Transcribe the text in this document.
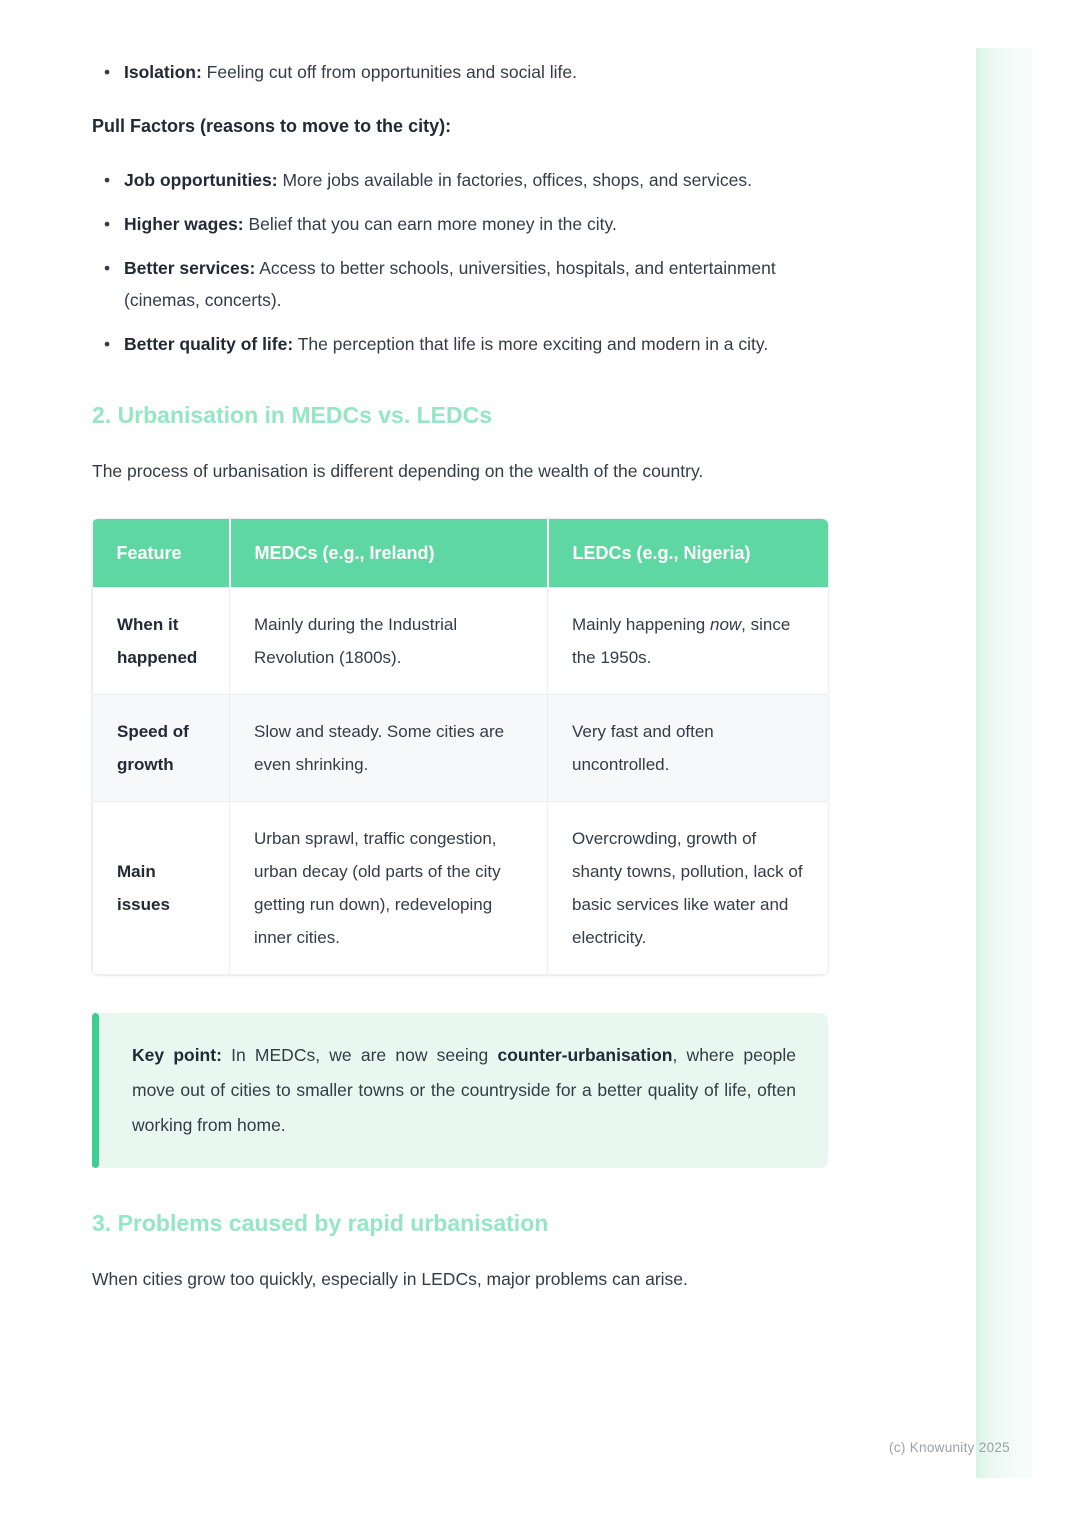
• Isolation: Feeling cut off from opportunities and social life.

Pull Factors (reasons to move to the city):

• Job opportunities: More jobs available in factories, offices, shops, and services.
• Higher wages: Belief that you can earn more money in the city.
• Better services: Access to better schools, universities, hospitals, and entertainment (cinemas, concerts).
• Better quality of life: The perception that life is more exciting and modern in a city.
2. Urbanisation in MEDCs vs. LEDCs

The process of urbanisation is different depending on the wealth of the country.

Feature	MEDCs (e.g., Ireland)	LEDCs (e.g., Nigeria)
When it happened	Mainly during the Industrial Revolution (1800s).	Mainly happening now, since the 1950s.
Speed of growth	Slow and steady. Some cities are even shrinking.	Very fast and often uncontrolled.
Main issues	Urban sprawl, traffic congestion, urban decay (old parts of the city getting run down), redeveloping inner cities.	Overcrowding, growth of shanty towns, pollution, lack of basic services like water and electricity.
Key point: In MEDCs, we are now seeing counter-urbanisation, where people move out of cities to smaller towns or the countryside for a better quality of life, often working from home.
3. Problems caused by rapid urbanisation

When cities grow too quickly, especially in LEDCs, major problems can arise.

(c) Knowunity 2025
